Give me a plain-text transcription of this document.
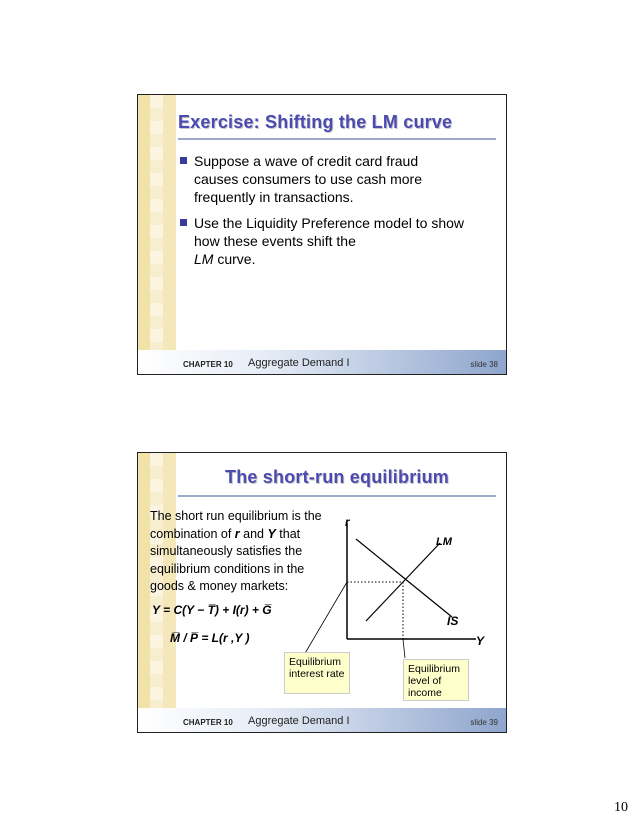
Exercise: Shifting the LM curve
Suppose a wave of credit card fraud causes consumers to use cash more frequently in transactions.
Use the Liquidity Preference model to show how these events shift the
LM curve.
CHAPTER 10 Aggregate Demand I	slide 38
The short-run equilibrium
The short run equilibrium is the combination of r and Y that simultaneously satisfies the equilibrium conditions in the goods & money markets:
Y = C(Y − T̅) + I(r) + G̅
M̅ / P̅ = L(r ,Y )
r
Y
LM
IS
Equilibrium interest rate	Equilibrium level of income
CHAPTER 10 Aggregate Demand I	slide 39
10
